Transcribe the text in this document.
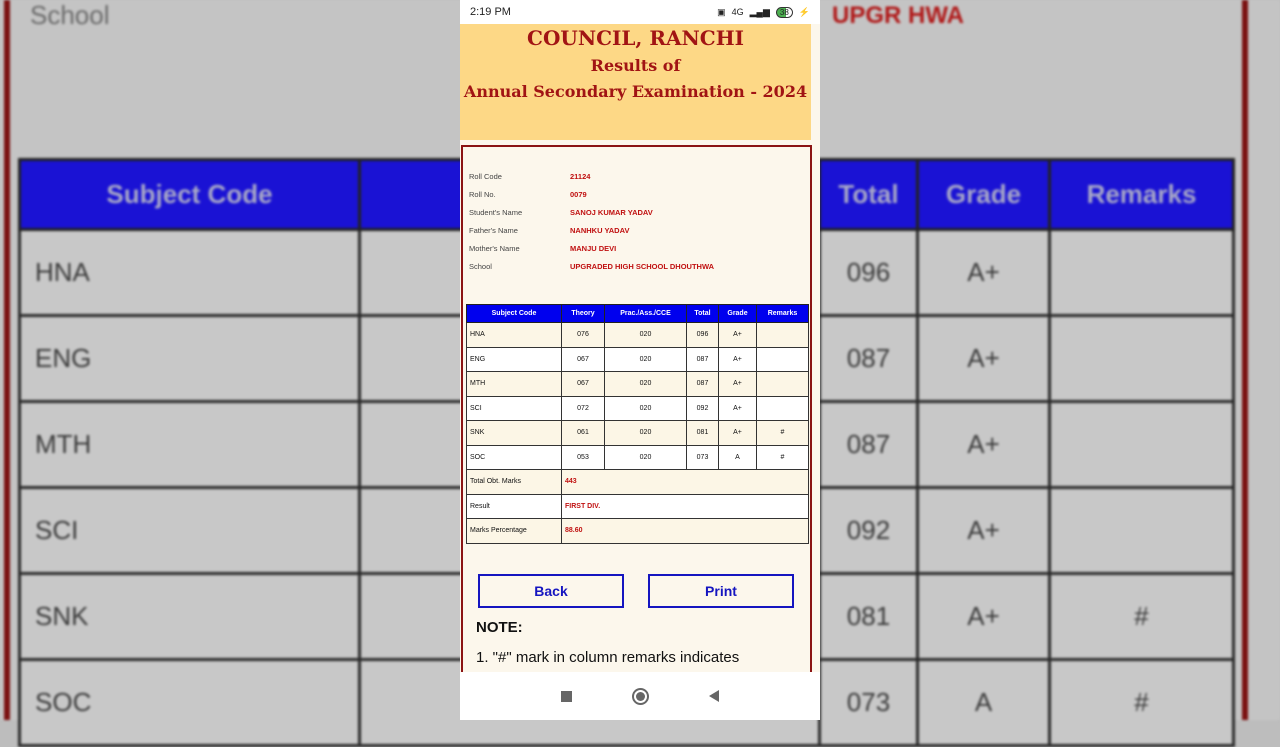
School	UPGR HWA
Subject Code		Total	Grade	Remarks
HNA		096	A+	
ENG		087	A+	
MTH		087	A+	
SCI		092	A+	
SNK		081	A+	#
SOC		073	A	#
2:19 PM	▣ 4G ▂▄▆	38	⚡
COUNCIL, RANCHI
Results of
Annual Secondary Examination - 2024
Roll Code	21124
Roll No.	0079
Student's Name	SANOJ KUMAR YADAV
Father's Name	NANHKU YADAV
Mother's Name	MANJU DEVI
School	UPGRADED HIGH SCHOOL DHOUTHWA
Subject Code	Theory	Prac./Ass./CCE	Total	Grade	Remarks
HNA	076	020	096	A+	
ENG	067	020	087	A+	
MTH	067	020	087	A+	
SCI	072	020	092	A+	
SNK	061	020	081	A+	#
SOC	053	020	073	A	#
Total Obt. Marks	443				
Result	FIRST DIV.				
Marks Percentage	88.60				
Back	Print
NOTE:
1. "#" mark in column remarks indicates
